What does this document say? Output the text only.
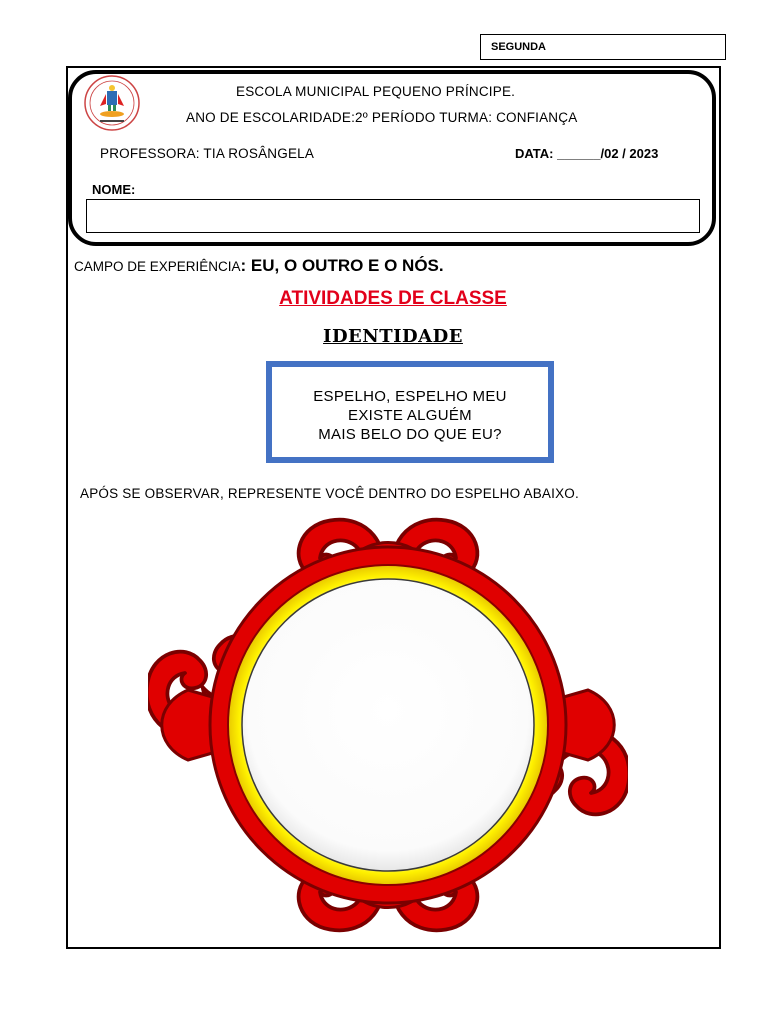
SEGUNDA
ESCOLA MUNICIPAL PEQUENO PRÍNCIPE.
ANO DE ESCOLARIDADE:2º PERÍODO TURMA: CONFIANÇA
PROFESSORA: TIA ROSÂNGELA	DATA: ______/02 / 2023
NOME:
CAMPO DE EXPERIÊNCIA: EU, O OUTRO E O NÓS.
ATIVIDADES DE CLASSE
IDENTIDADE
ESPELHO, ESPELHO MEU
EXISTE ALGUÉM
MAIS BELO DO QUE EU?
APÓS SE OBSERVAR, REPRESENTE VOCÊ DENTRO DO ESPELHO ABAIXO.
